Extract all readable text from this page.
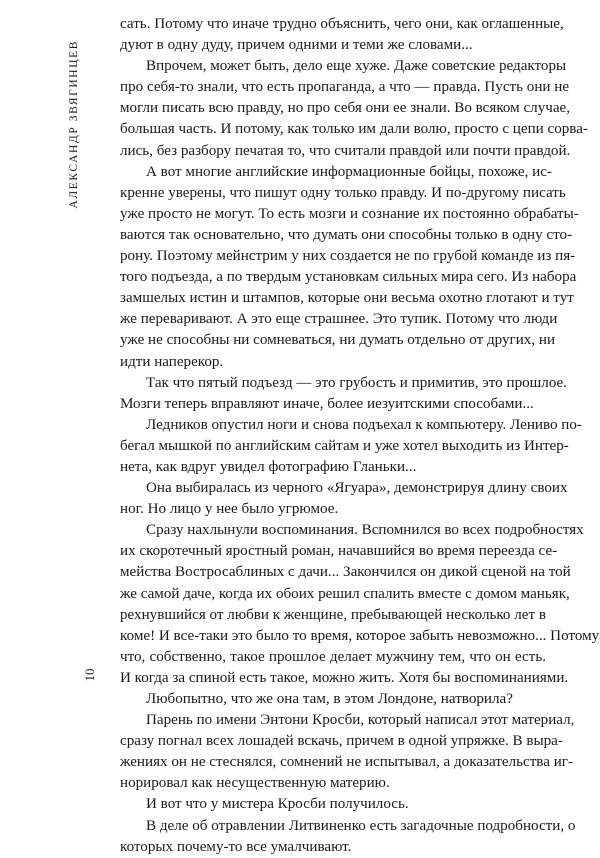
АЛЕКСАНДР ЗВЯГИНЦЕВ
10
сать. Потому что иначе трудно объяснить, чего они, как оглашенные,
дуют в одну дуду, причем одними и теми же словами...
Впрочем, может быть, дело еще хуже. Даже советские редакторы
про себя-то знали, что есть пропаганда, а что — правда. Пусть они не
могли писать всю правду, но про себя они ее знали. Во всяком случае,
большая часть. И потому, как только им дали волю, просто с цепи сорва-
лись, без разбору печатая то, что считали правдой или почти правдой.
А вот многие английские информационные бойцы, похоже, ис-
кренне уверены, что пишут одну только правду. И по-другому писать
уже просто не могут. То есть мозги и сознание их постоянно обрабаты-
ваются так основательно, что думать они способны только в одну сто-
рону. Поэтому мейнстрим у них создается не по грубой команде из пя-
того подъезда, а по твердым установкам сильных мира сего. Из набора
замшелых истин и штампов, которые они весьма охотно глотают и тут
же переваривают. А это еще страшнее. Это тупик. Потому что люди
уже не способны ни сомневаться, ни думать отдельно от других, ни
идти наперекор.
Так что пятый подъезд — это грубость и примитив, это прошлое.
Мозги теперь вправляют иначе, более иезуитскими способами...
Ледников опустил ноги и снова подъехал к компьютеру. Лениво по-
бегал мышкой по английским сайтам и уже хотел выходить из Интер-
нета, как вдруг увидел фотографию Гланьки...
Она выбиралась из черного «Ягуара», демонстрируя длину своих
ног. Но лицо у нее было угрюмое.
Сразу нахлынули воспоминания. Вспомнился во всех подробностях
их скоротечный яростный роман, начавшийся во время переезда се-
мейства Востросаблиных с дачи... Закончился он дикой сценой на той
же самой даче, когда их обоих решил спалить вместе с домом маньяк,
рехнувшийся от любви к женщине, пребывающей несколько лет в
коме! И все-таки это было то время, которое забыть невозможно... Потому
что, собственно, такое прошлое делает мужчину тем, что он есть.
И когда за спиной есть такое, можно жить. Хотя бы воспоминаниями.
Любопытно, что же она там, в этом Лондоне, натворила?
Парень по имени Энтони Кросби, который написал этот материал,
сразу погнал всех лошадей вскачь, причем в одной упряжке. В выра-
жениях он не стеснялся, сомнений не испытывал, а доказательства иг-
норировал как несущественную материю.
И вот что у мистера Кросби получилось.
В деле об отравлении Литвиненко есть загадочные подробности, о
которых почему-то все умалчивают.
